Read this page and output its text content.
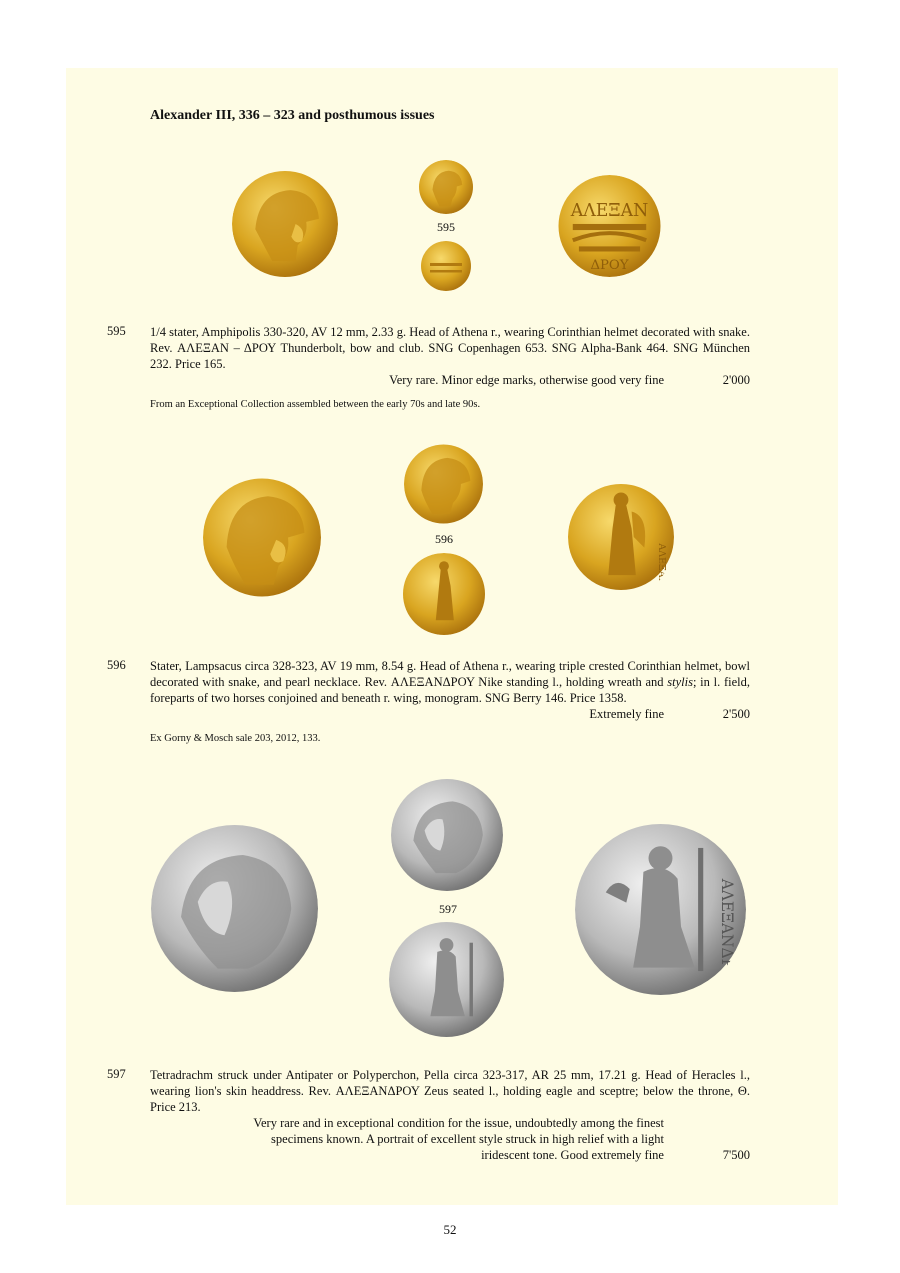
Alexander III, 336 – 323 and posthumous issues
595
ΑΛΕΞΑΝ
ΔΡΟΥ
595 1/4 stater, Amphipolis 330-320, AV 12 mm, 2.33 g. Head of Athena r., wearing Corinthian helmet decorated with snake. Rev. ΑΛΕΞΑΝ – ΔΡΟΥ Thunderbolt, bow and club. SNG Copenhagen 653. SNG Alpha-Bank 464. SNG München 232. Price 165.
Very rare. Minor edge marks, otherwise good very fine	2'000
From an Exceptional Collection assembled between the early 70s and late 90s.
596
ΑΛΕΞΑΝ
596 Stater, Lampsacus circa 328-323, AV 19 mm, 8.54 g. Head of Athena r., wearing triple crested Corinthian helmet, bowl decorated with snake, and pearl necklace. Rev. ΑΛΕΞΑΝΔΡΟΥ Nike standing l., holding wreath and stylis; in l. field, foreparts of two horses conjoined and beneath r. wing, monogram. SNG Berry 146. Price 1358.
Extremely fine	2'500
Ex Gorny & Mosch sale 203, 2012, 133.
597	ΑΛΕΞΑΝΔΡΟΥ
597 Tetradrachm struck under Antipater or Polyperchon, Pella circa 323-317, AR 25 mm, 17.21 g. Head of Heracles l., wearing lion's skin headdress. Rev. ΑΛΕΞΑΝΔΡΟΥ Zeus seated l., holding eagle and sceptre; below the throne, Θ. Price 213.
Very rare and in exceptional condition for the issue, undoubtedly among the finest
specimens known. A portrait of excellent style struck in high relief with a light
iridescent tone. Good extremely fine	7'500
52
